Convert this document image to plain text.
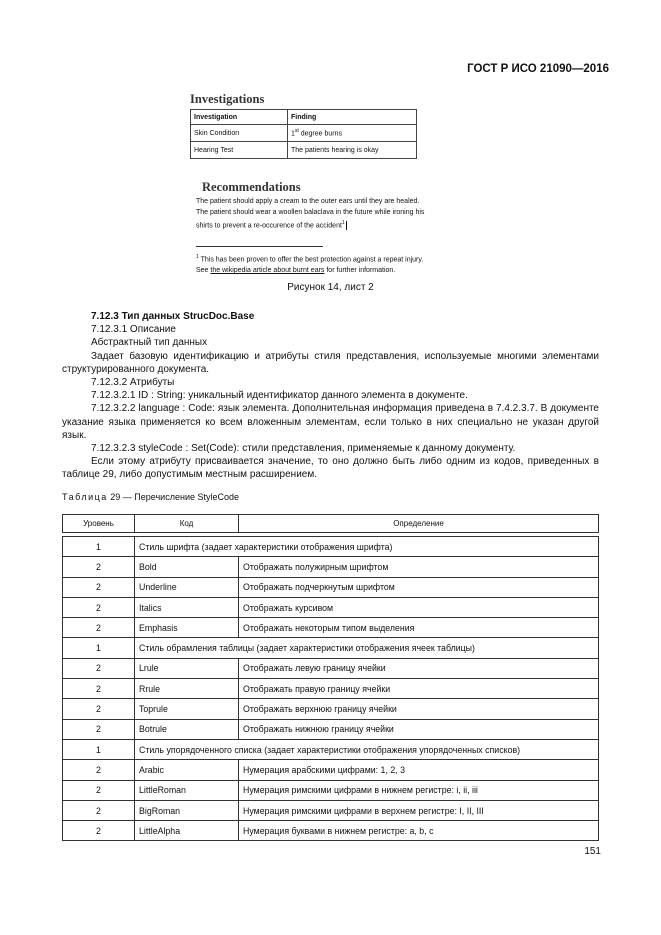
ГОСТ Р ИСО 21090—2016
Investigations
Investigation	Finding
Skin Condition	1st degree burns
Hearing Test	The patients hearing is okay
Recommendations
The patient should apply a cream to the outer ears until they are healed.
The patient should wear a woollen balaclava in the future while ironing his
shirts to prevent a re-occurence of the accident$^1$
$^1$ This has been proven to offer the best protection against a repeat injury.
See the wikipedia article about burnt ears for further information.
Рисунок 14, лист 2

7.12.3 Тип данных StrucDoc.Base

7.12.3.1 Описание

Абстрактный тип данных

Задает базовую идентификацию и атрибуты стиля представления, используемые многими элементами структурированного документа.

7.12.3.2 Атрибуты

7.12.3.2.1 ID : String: уникальный идентификатор данного элемента в документе.

7.12.3.2.2 language : Code: язык элемента. Дополнительная информация приведена в 7.4.2.3.7. В документе указание языка применяется ко всем вложенным элементам, если только в них специально не указан другой язык.

7.12.3.2.3 styleCode : Set(Code): стили представления, применяемые к данному документу.

Если этому атрибуту присваивается значение, то оно должно быть либо одним из кодов, приведенных в таблице 29, либо допустимым местным расширением.

Таблица 29 — Перечисление StyleCode
Уровень	Код	Определение

1	Стиль шрифта (задает характеристики отображения шрифта)	
2	Bold	Отображать полужирным шрифтом
2	Underline	Отображать подчеркнутым шрифтом
2	Italics	Отображать курсивом
2	Emphasis	Отображать некоторым типом выделения
1	Стиль обрамления таблицы (задает характеристики отображения ячеек таблицы)	
2	Lrule	Отображать левую границу ячейки
2	Rrule	Отображать правую границу ячейки
2	Toprule	Отображать верхнюю границу ячейки
2	Botrule	Отображать нижнюю границу ячейки
1	Стиль упорядоченного списка (задает характеристики отображения упорядоченных списков)	
2	Arabic	Нумерация арабскими цифрами: 1, 2, 3
2	LittleRoman	Нумерация римскими цифрами в нижнем регистре: i, ii, iii
2	BigRoman	Нумерация римскими цифрами в верхнем регистре: I, II, III
2	LittleAlpha	Нумерация буквами в нижнем регистре: a, b, c
151
